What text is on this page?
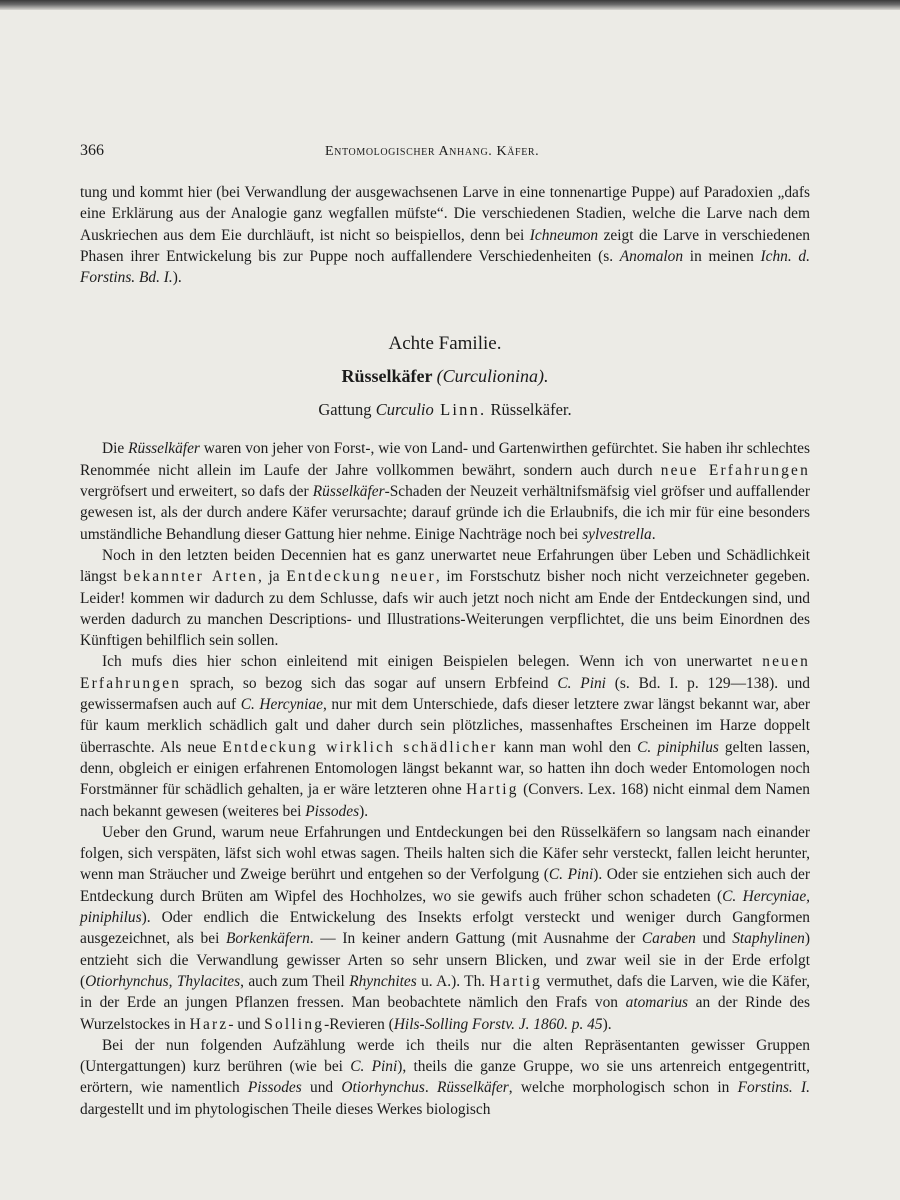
366	Entomologischer Anhang. Käfer.

tung und kommt hier (bei Verwandlung der ausgewachsenen Larve in eine tonnenartige Puppe) auf Paradoxien „dafs eine Erklärung aus der Analogie ganz wegfallen müfste“. Die verschiedenen Stadien, welche die Larve nach dem Auskriechen aus dem Eie durchläuft, ist nicht so beispiellos, denn bei Ichneumon zeigt die Larve in verschiedenen Phasen ihrer Entwickelung bis zur Puppe noch auffallendere Verschiedenheiten (s. Anomalon in meinen Ichn. d. Forstins. Bd. I.).

Achte Familie.
Rüsselkäfer (Curculionina).
Gattung Curculio Linn. Rüsselkäfer.

Die Rüsselkäfer waren von jeher von Forst-, wie von Land- und Gartenwirthen gefürchtet. Sie haben ihr schlechtes Renommée nicht allein im Laufe der Jahre vollkommen bewährt, sondern auch durch neue Erfahrungen vergröfsert und erweitert, so dafs der Rüsselkäfer-Schaden der Neuzeit verhältnifsmäfsig viel gröfser und auffallender gewesen ist, als der durch andere Käfer verursachte; darauf gründe ich die Erlaubnifs, die ich mir für eine besonders umständliche Behandlung dieser Gattung hier nehme. Einige Nachträge noch bei sylvestrella.

Noch in den letzten beiden Decennien hat es ganz unerwartet neue Erfahrungen über Leben und Schädlichkeit längst bekannter Arten, ja Entdeckung neuer, im Forstschutz bisher noch nicht verzeichneter gegeben. Leider! kommen wir dadurch zu dem Schlusse, dafs wir auch jetzt noch nicht am Ende der Entdeckungen sind, und werden dadurch zu manchen Descriptions- und Illustrations-Weiterungen verpflichtet, die uns beim Einordnen des Künftigen behilflich sein sollen.

Ich mufs dies hier schon einleitend mit einigen Beispielen belegen. Wenn ich von unerwartet neuen Erfahrungen sprach, so bezog sich das sogar auf unsern Erbfeind C. Pini (s. Bd. I. p. 129—138). und gewissermafsen auch auf C. Hercyniae, nur mit dem Unterschiede, dafs dieser letztere zwar längst bekannt war, aber für kaum merklich schädlich galt und daher durch sein plötzliches, massenhaftes Erscheinen im Harze doppelt überraschte. Als neue Entdeckung wirklich schädlicher kann man wohl den C. piniphilus gelten lassen, denn, obgleich er einigen erfahrenen Entomologen längst bekannt war, so hatten ihn doch weder Entomologen noch Forstmänner für schädlich gehalten, ja er wäre letzteren ohne Hartig (Convers. Lex. 168) nicht einmal dem Namen nach bekannt gewesen (weiteres bei Pissodes).

Ueber den Grund, warum neue Erfahrungen und Entdeckungen bei den Rüsselkäfern so langsam nach einander folgen, sich verspäten, läfst sich wohl etwas sagen. Theils halten sich die Käfer sehr versteckt, fallen leicht herunter, wenn man Sträucher und Zweige berührt und entgehen so der Verfolgung (C. Pini). Oder sie entziehen sich auch der Entdeckung durch Brüten am Wipfel des Hochholzes, wo sie gewifs auch früher schon schadeten (C. Hercyniae, piniphilus). Oder endlich die Entwickelung des Insekts erfolgt versteckt und weniger durch Gangformen ausgezeichnet, als bei Borkenkäfern. — In keiner andern Gattung (mit Ausnahme der Caraben und Staphylinen) entzieht sich die Verwandlung gewisser Arten so sehr unsern Blicken, und zwar weil sie in der Erde erfolgt (Otiorhynchus, Thylacites, auch zum Theil Rhynchites u. A.). Th. Hartig vermuthet, dafs die Larven, wie die Käfer, in der Erde an jungen Pflanzen fressen. Man beobachtete nämlich den Frafs von atomarius an der Rinde des Wurzelstockes in Harz- und Solling-Revieren (Hils-Solling Forstv. J. 1860. p. 45).

Bei der nun folgenden Aufzählung werde ich theils nur die alten Repräsentanten gewisser Gruppen (Untergattungen) kurz berühren (wie bei C. Pini), theils die ganze Gruppe, wo sie uns artenreich entgegentritt, erörtern, wie namentlich Pissodes und Otiorhynchus. Rüsselkäfer, welche morphologisch schon in Forstins. I. dargestellt und im phytologischen Theile dieses Werkes biologisch
